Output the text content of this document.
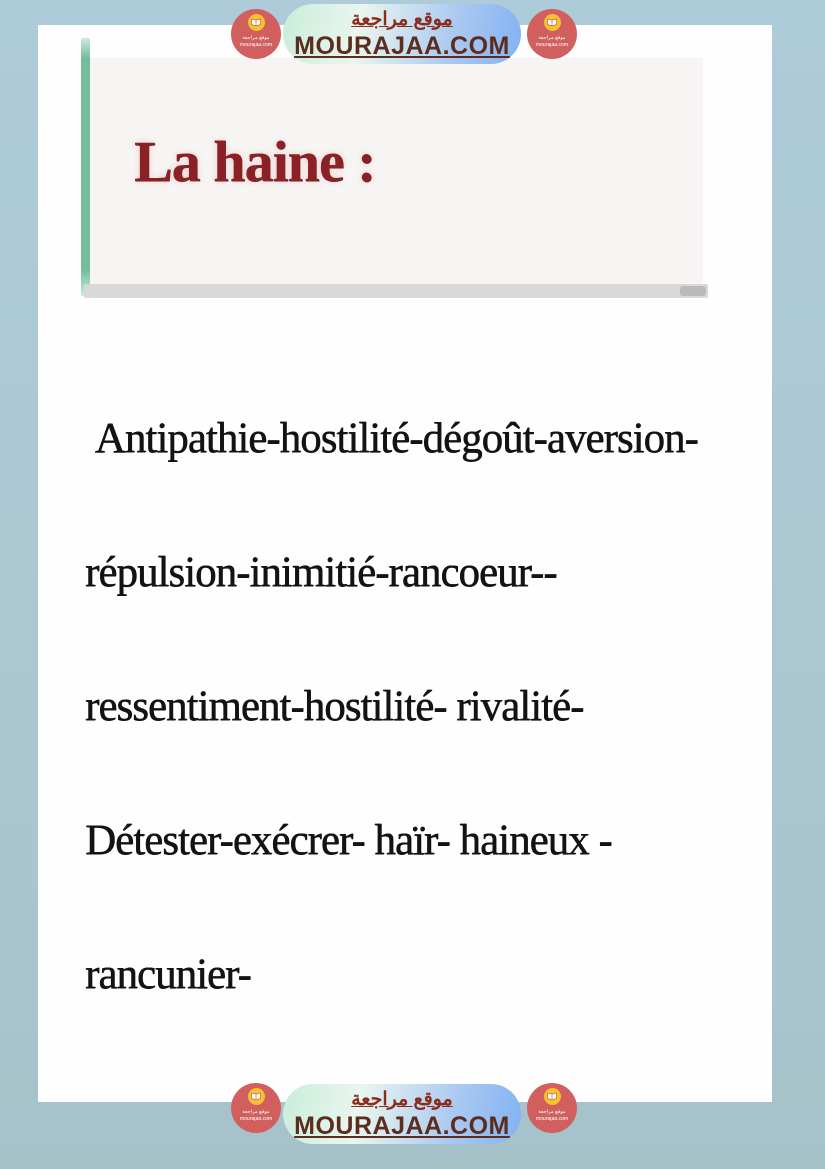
La haine :
Antipathie-hostilité-dégoût-aversion-
répulsion-inimitié-rancoeur--
ressentiment-hostilité- rivalité-
Détester-exécrer- haïr- haineux -
rancunier-
موقع مراجعة
MOURAJAA.COM
موقع مراجعة
mourajaa.com
موقع مراجعة
mourajaa.com
موقع مراجعة
MOURAJAA.COM
موقع مراجعة
mourajaa.com
موقع مراجعة
mourajaa.com
